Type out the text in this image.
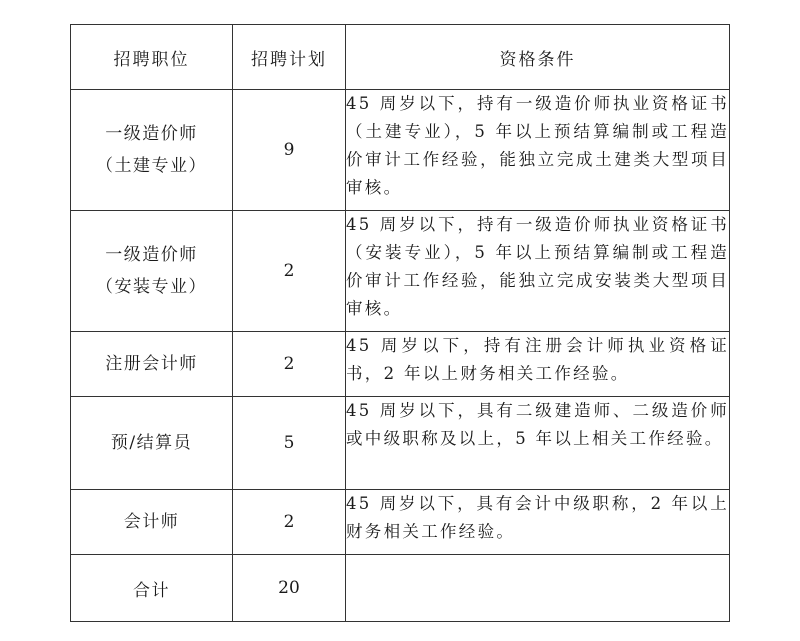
招聘职位	招聘计划	资格条件

一级造价师
（土建专业）	9	45 周岁以下，持有一级造价师执业资格证书（土建专业），5 年以上预结算编制或工程造价审计工作经验，能独立完成土建类大型项目审核。

一级造价师
（安装专业）	2	45 周岁以下，持有一级造价师执业资格证书（安装专业），5 年以上预结算编制或工程造价审计工作经验，能独立完成安装类大型项目审核。

注册会计师	2	45 周岁以下，持有注册会计师执业资格证书，2 年以上财务相关工作经验。

预/结算员	5	45 周岁以下，具有二级建造师、二级造价师或中级职称及以上，5 年以上相关工作经验。

会计师	2	45 周岁以下，具有会计中级职称，2 年以上财务相关工作经验。
合计	20	
